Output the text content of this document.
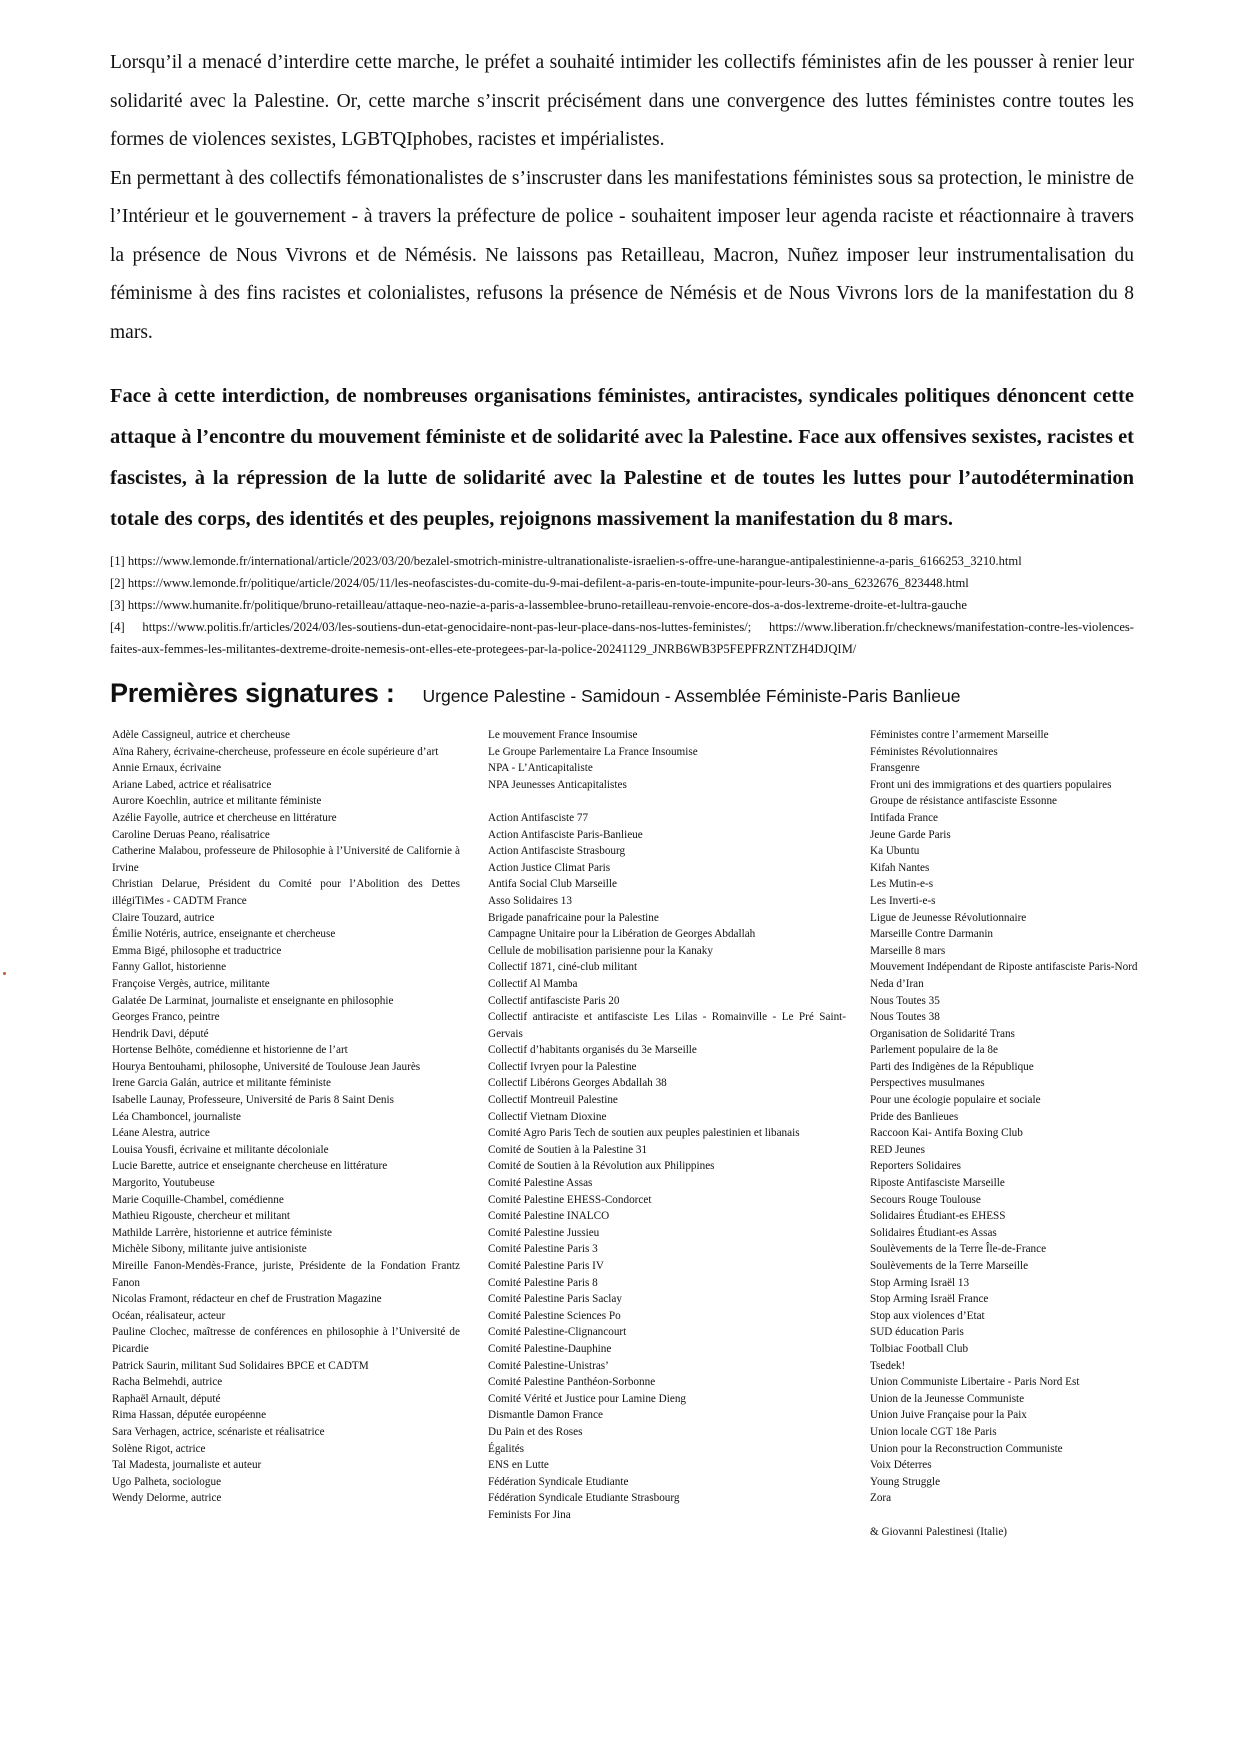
Lorsqu’il a menacé d’interdire cette marche, le préfet a souhaité intimider les collectifs féministes afin de les pousser à renier leur solidarité avec la Palestine. Or, cette marche s’inscrit précisément dans une convergence des luttes féministes contre toutes les formes de violences sexistes, LGBTQIphobes, racistes et impérialistes.

En permettant à des collectifs fémonationalistes de s’inscruster dans les manifestations féministes sous sa protection, le ministre de l’Intérieur et le gouvernement - à travers la préfecture de police - souhaitent imposer leur agenda raciste et réactionnaire à travers la présence de Nous Vivrons et de Némésis. Ne laissons pas Retailleau, Macron, Nuñez imposer leur instrumentalisation du féminisme à des fins racistes et colonialistes, refusons la présence de Némésis et de Nous Vivrons lors de la manifestation du 8 mars.

Face à cette interdiction, de nombreuses organisations féministes, antiracistes, syndicales politiques dénoncent cette attaque à l’encontre du mouvement féministe et de solidarité avec la Palestine. Face aux offensives sexistes, racistes et fascistes, à la répression de la lutte de solidarité avec la Palestine et de toutes les luttes pour l’autodétermination totale des corps, des identités et des peuples, rejoignons massivement la manifestation du 8 mars.

[1] https://www.lemonde.fr/international/article/2023/03/20/bezalel-smotrich-ministre-ultranationaliste-israelien-s-offre-une-harangue-antipalestinienne-a-paris_6166253_3210.html
[2] https://www.lemonde.fr/politique/article/2024/05/11/les-neofascistes-du-comite-du-9-mai-defilent-a-paris-en-toute-impunite-pour-leurs-30-ans_6232676_823448.html
[3] https://www.humanite.fr/politique/bruno-retailleau/attaque-neo-nazie-a-paris-a-lassemblee-bruno-retailleau-renvoie-encore-dos-a-dos-lextreme-droite-et-lultra-gauche
[4] https://www.politis.fr/articles/2024/03/les-soutiens-dun-etat-genocidaire-nont-pas-leur-place-dans-nos-luttes-feministes/; https://www.liberation.fr/checknews/manifestation-contre-les-violences-faites-aux-femmes-les-militantes-dextreme-droite-nemesis-ont-elles-ete-protegees-par-la-police-20241129_JNRB6WB3P5FEPFRZNTZH4DJQIM/
Premières signatures : Urgence Palestine - Samidoun - Assemblée Féministe-Paris Banlieue
Adèle Cassigneul, autrice et chercheuse
Aïna Rahery, écrivaine-chercheuse, professeure en école supérieure d’art
Annie Ernaux, écrivaine
Ariane Labed, actrice et réalisatrice
Aurore Koechlin, autrice et militante féministe
Azélie Fayolle, autrice et chercheuse en littérature
Caroline Deruas Peano, réalisatrice
Catherine Malabou, professeure de Philosophie à l’Université de Californie à Irvine
Christian Delarue, Président du Comité pour l’Abolition des Dettes illégiTiMes - CADTM France
Claire Touzard, autrice
Émilie Notéris, autrice, enseignante et chercheuse
Emma Bigé, philosophe et traductrice
Fanny Gallot, historienne
Françoise Vergès, autrice, militante
Galatée De Larminat, journaliste et enseignante en philosophie
Georges Franco, peintre
Hendrik Davi, député
Hortense Belhôte, comédienne et historienne de l’art
Hourya Bentouhami, philosophe, Université de Toulouse Jean Jaurès
Irene Garcia Galán, autrice et militante féministe
Isabelle Launay, Professeure, Université de Paris 8 Saint Denis
Léa Chamboncel, journaliste
Léane Alestra, autrice
Louisa Yousfi, écrivaine et militante décoloniale
Lucie Barette, autrice et enseignante chercheuse en littérature
Margorito, Youtubeuse
Marie Coquille-Chambel, comédienne
Mathieu Rigouste, chercheur et militant
Mathilde Larrère, historienne et autrice féministe
Michèle Sibony, militante juive antisioniste
Mireille Fanon-Mendès-France, juriste, Présidente de la Fondation Frantz Fanon
Nicolas Framont, rédacteur en chef de Frustration Magazine
Océan, réalisateur, acteur
Pauline Clochec, maîtresse de conférences en philosophie à l’Université de Picardie
Patrick Saurin, militant Sud Solidaires BPCE et CADTM
Racha Belmehdi, autrice
Raphaël Arnault, député
Rima Hassan, députée européenne
Sara Verhagen, actrice, scénariste et réalisatrice
Solène Rigot, actrice
Tal Madesta, journaliste et auteur
Ugo Palheta, sociologue
Wendy Delorme, autrice
Le mouvement France Insoumise
Le Groupe Parlementaire La France Insoumise
NPA - L’Anticapitaliste
NPA Jeunesses Anticapitalistes
Action Antifasciste 77
Action Antifasciste Paris-Banlieue
Action Antifasciste Strasbourg
Action Justice Climat Paris
Antifa Social Club Marseille
Asso Solidaires 13
Brigade panafricaine pour la Palestine
Campagne Unitaire pour la Libération de Georges Abdallah
Cellule de mobilisation parisienne pour la Kanaky
Collectif 1871, ciné-club militant
Collectif Al Mamba
Collectif antifasciste Paris 20
Collectif antiraciste et antifasciste Les Lilas - Romainville - Le Pré Saint-Gervais
Collectif d’habitants organisés du 3e Marseille
Collectif Ivryen pour la Palestine
Collectif Libérons Georges Abdallah 38
Collectif Montreuil Palestine
Collectif Vietnam Dioxine
Comité Agro Paris Tech de soutien aux peuples palestinien et libanais
Comité de Soutien à la Palestine 31
Comité de Soutien à la Révolution aux Philippines
Comité Palestine Assas
Comité Palestine EHESS-Condorcet
Comité Palestine INALCO
Comité Palestine Jussieu
Comité Palestine Paris 3
Comité Palestine Paris IV
Comité Palestine Paris 8
Comité Palestine Paris Saclay
Comité Palestine Sciences Po
Comité Palestine-Clignancourt
Comité Palestine-Dauphine
Comité Palestine-Unistras’
Comité Palestine Panthéon-Sorbonne
Comité Vérité et Justice pour Lamine Dieng
Dismantle Damon France
Du Pain et des Roses
Égalités
ENS en Lutte
Fédération Syndicale Etudiante
Fédération Syndicale Etudiante Strasbourg
Feminists For Jina
Féministes contre l’armement Marseille
Féministes Révolutionnaires
Fransgenre
Front uni des immigrations et des quartiers populaires
Groupe de résistance antifasciste Essonne
Intifada France
Jeune Garde Paris
Ka Ubuntu
Kifah Nantes
Les Mutin-e-s
Les Inverti-e-s
Ligue de Jeunesse Révolutionnaire
Marseille Contre Darmanin
Marseille 8 mars
Mouvement Indépendant de Riposte antifasciste Paris-Nord
Neda d’Iran
Nous Toutes 35
Nous Toutes 38
Organisation de Solidarité Trans
Parlement populaire de la 8e
Parti des Indigènes de la République
Perspectives musulmanes
Pour une écologie populaire et sociale
Pride des Banlieues
Raccoon Kai- Antifa Boxing Club
RED Jeunes
Reporters Solidaires
Riposte Antifasciste Marseille
Secours Rouge Toulouse
Solidaires Étudiant-es EHESS
Solidaires Étudiant-es Assas
Soulèvements de la Terre Île-de-France
Soulèvements de la Terre Marseille
Stop Arming Israël 13
Stop Arming Israël France
Stop aux violences d’Etat
SUD éducation Paris
Tolbiac Football Club
Tsedek!
Union Communiste Libertaire - Paris Nord Est
Union de la Jeunesse Communiste
Union Juive Française pour la Paix
Union locale CGT 18e Paris
Union pour la Reconstruction Communiste
Voix Déterres
Young Struggle
Zora
& Giovanni Palestinesi (Italie)
